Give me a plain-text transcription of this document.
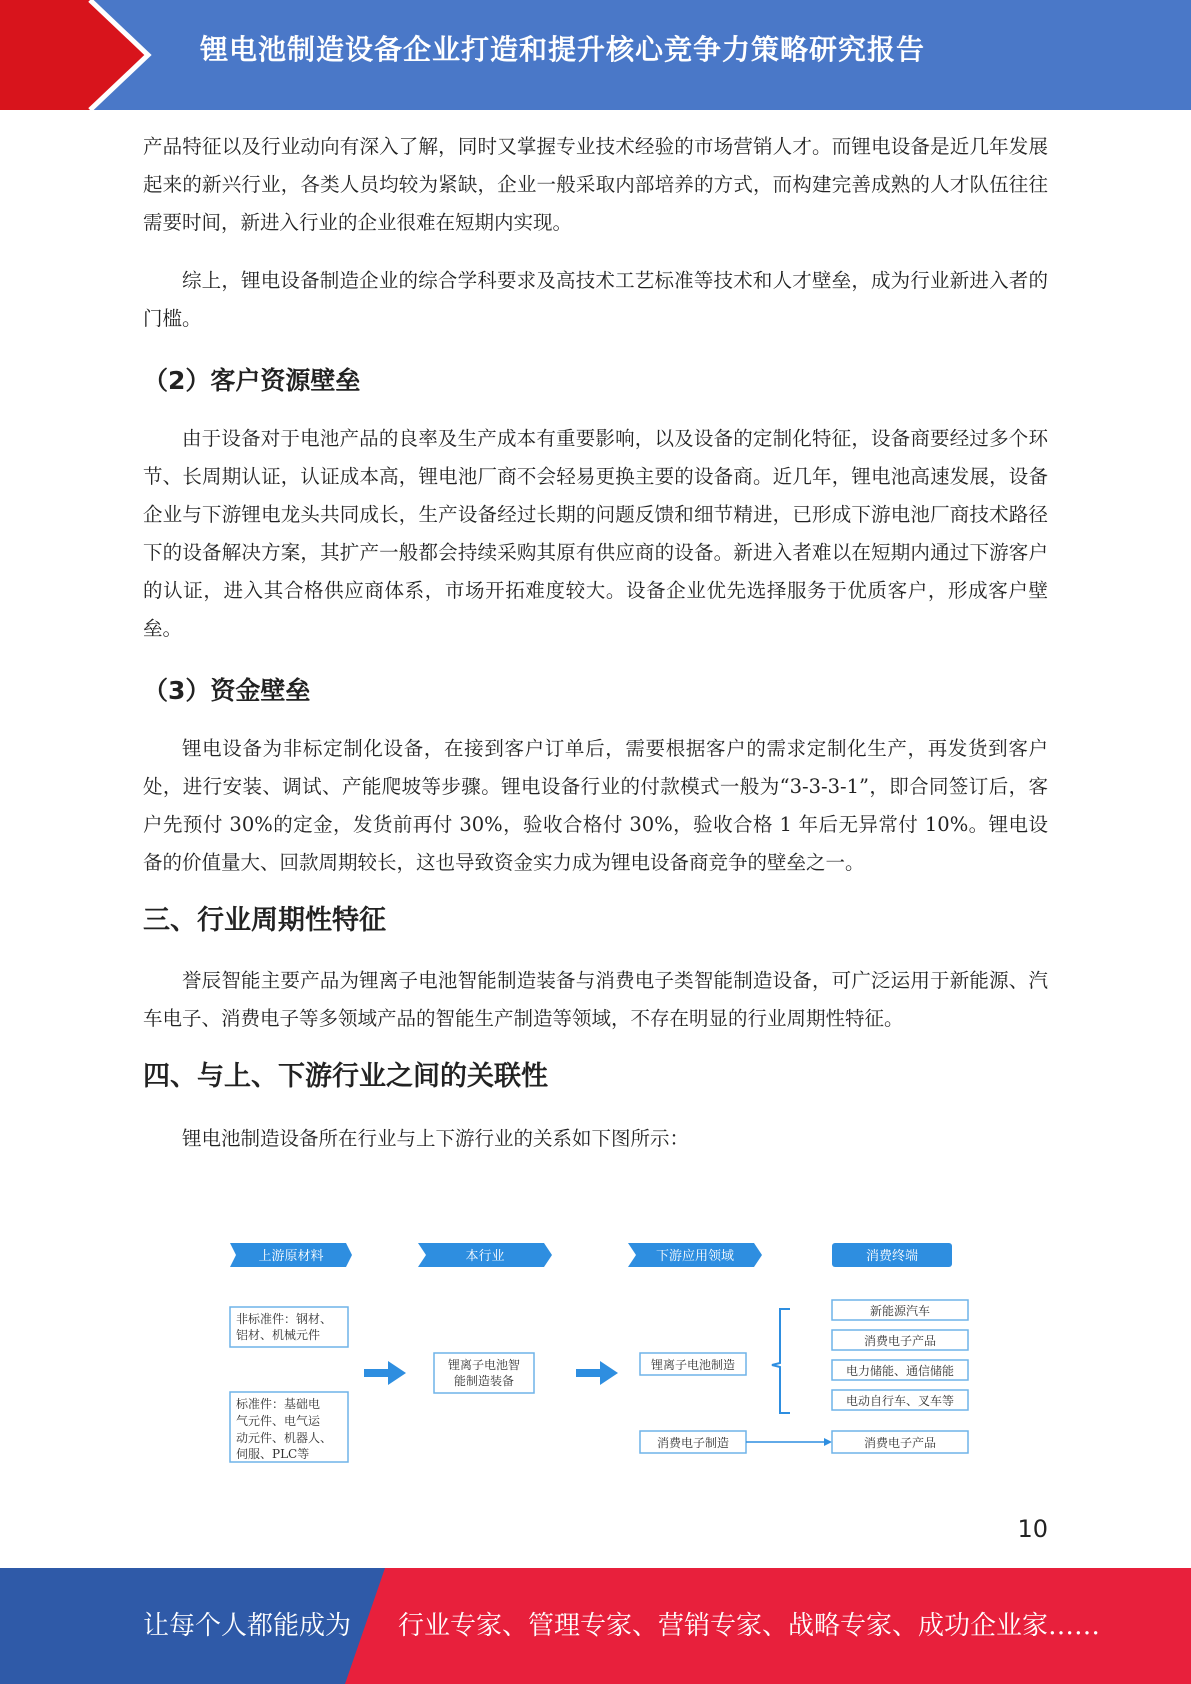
锂电池制造设备企业打造和提升核心竞争力策略研究报告

产品特征以及行业动向有深入了解，同时又掌握专业技术经验的市场营销人才。而锂电设备是近几年发展起来的新兴行业，各类人员均较为紧缺，企业一般采取内部培养的方式，而构建完善成熟的人才队伍往往需要时间，新进入行业的企业很难在短期内实现。

综上，锂电设备制造企业的综合学科要求及高技术工艺标准等技术和人才壁垒，成为行业新进入者的门槛。

（2）客户资源壁垒

由于设备对于电池产品的良率及生产成本有重要影响，以及设备的定制化特征，设备商要经过多个环节、长周期认证，认证成本高，锂电池厂商不会轻易更换主要的设备商。近几年，锂电池高速发展，设备企业与下游锂电龙头共同成长，生产设备经过长期的问题反馈和细节精进，已形成下游电池厂商技术路径下的设备解决方案，其扩产一般都会持续采购其原有供应商的设备。新进入者难以在短期内通过下游客户的认证，进入其合格供应商体系，市场开拓难度较大。设备企业优先选择服务于优质客户，形成客户壁垒。

（3）资金壁垒

锂电设备为非标定制化设备，在接到客户订单后，需要根据客户的需求定制化生产，再发货到客户处，进行安装、调试、产能爬坡等步骤。锂电设备行业的付款模式一般为“3-3-3-1”，即合同签订后，客户先预付 30%的定金，发货前再付 30%，验收合格付 30%，验收合格 1 年后无异常付 10%。锂电设备的价值量大、回款周期较长，这也导致资金实力成为锂电设备商竞争的壁垒之一。

三、行业周期性特征

誉辰智能主要产品为锂离子电池智能制造装备与消费电子类智能制造设备，可广泛运用于新能源、汽车电子、消费电子等多领域产品的智能生产制造等领域，不存在明显的行业周期性特征。

四、与上、下游行业之间的关联性

锂电池制造设备所在行业与上下游行业的关系如下图所示：

上游原材料	本行业	下游应用领域	消费终端
非标准件：钢材、
铝材、机械元件
标准件：基础电
气元件、电气运
动元件、机器人、
伺服、PLC等
锂离子电池智
能制造装备
锂离子电池制造
消费电子制造
新能源汽车
消费电子产品
电力储能、通信储能
电动自行车、叉车等
消费电子产品
10
让每个人都能成为 行业专家、管理专家、营销专家、战略专家、成功企业家……
